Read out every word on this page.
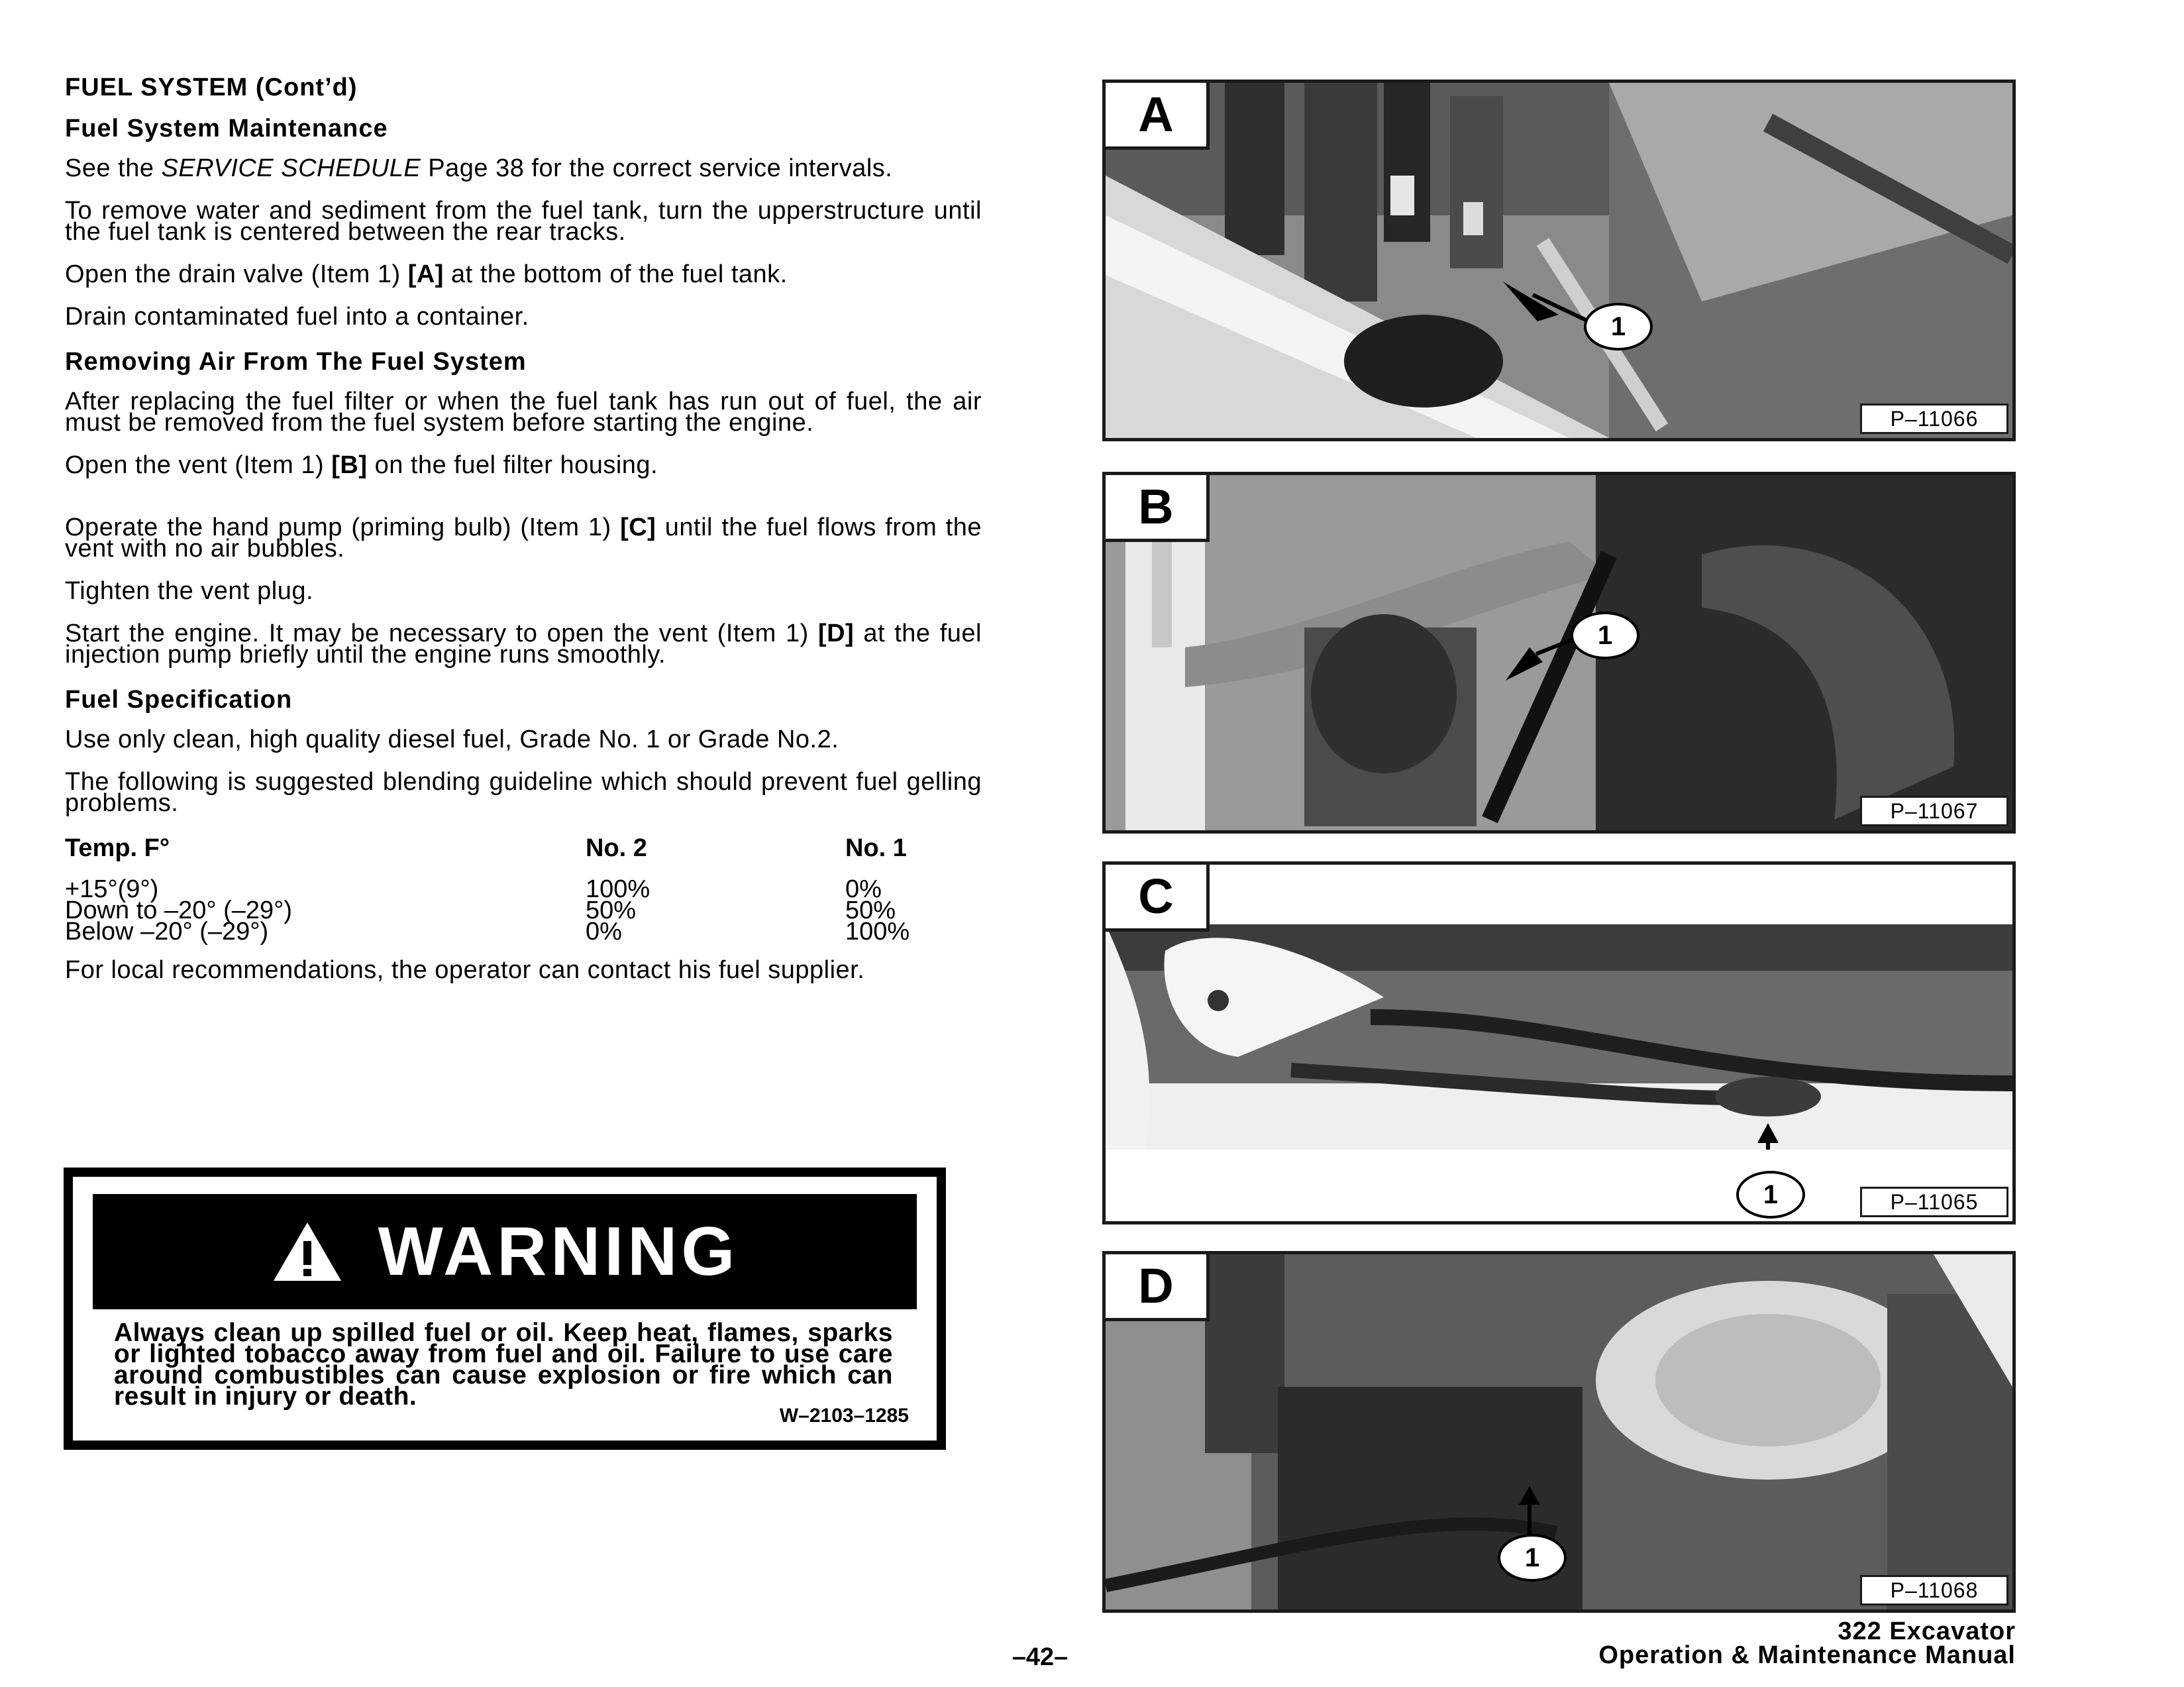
FUEL SYSTEM (Cont’d)
Fuel System Maintenance

See the SERVICE SCHEDULE Page 38 for the correct service intervals.

To remove water and sediment from the fuel tank, turn the upperstructure until the fuel tank is centered between the rear tracks.

Open the drain valve (Item 1) [A] at the bottom of the fuel tank.

Drain contaminated fuel into a container.

Removing Air From The Fuel System

After replacing the fuel filter or when the fuel tank has run out of fuel, the air must be removed from the fuel system before starting the engine.

Open the vent (Item 1) [B] on the fuel filter housing.

Operate the hand pump (priming bulb) (Item 1) [C] until the fuel flows from the vent with no air bubbles.

Tighten the vent plug.

Start the engine. It may be necessary to open the vent (Item 1) [D] at the fuel injection pump briefly until the engine runs smoothly.

Fuel Specification

Use only clean, high quality diesel fuel, Grade No. 1 or Grade No.2.

The following is suggested blending guideline which should prevent fuel gelling problems.

Temp. F°	No. 2	No. 1
+15°(9°)	100%	0%
Down to –20° (–29°)	50%	50%
Below –20° (–29°)	0%	100%

For local recommendations, the operator can contact his fuel supplier.

WARNING
Always clean up spilled fuel or oil. Keep heat, flames, sparks or lighted tobacco away from fuel and oil. Failure to use care around combustibles can cause explosion or fire which can result in injury or death.
W–2103–1285
A
1
P–11066
B
1
P–11067
C
1	P–11065
D
1
P–11068
–42–
322 Excavator
Operation & Maintenance Manual
